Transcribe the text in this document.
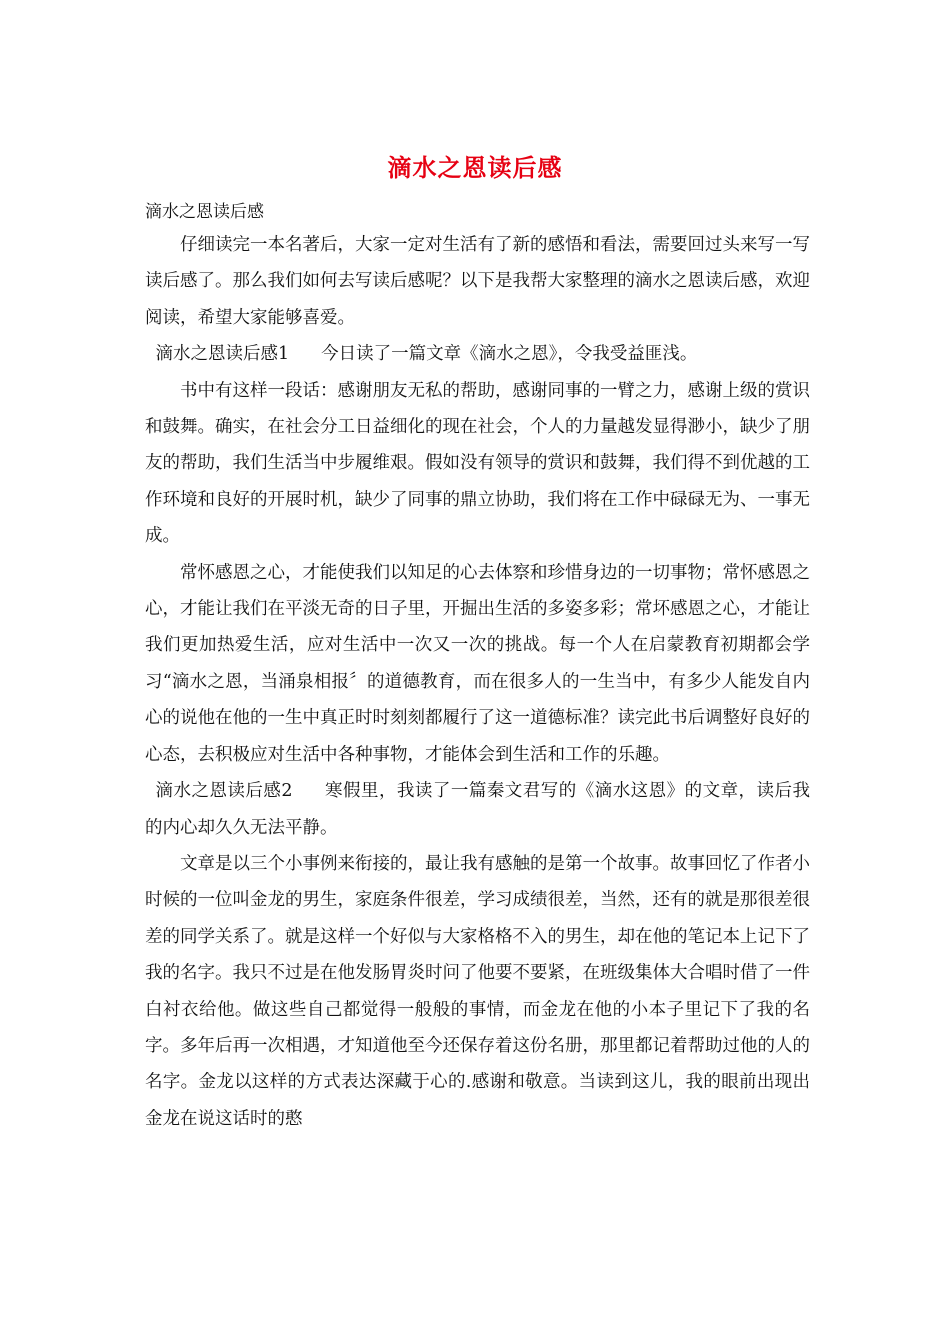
滴水之恩读后感
滴水之恩读后感

仔细读完一本名著后，大家一定对生活有了新的感悟和看法，需要回过头来写一写读后感了。那么我们如何去写读后感呢？以下是我帮大家整理的滴水之恩读后感，欢迎阅读，希望大家能够喜爱。

滴水之恩读后感1 今日读了一篇文章《滴水之恩》，令我受益匪浅。

书中有这样一段话：感谢朋友无私的帮助，感谢同事的一臂之力，感谢上级的赏识和鼓舞。确实，在社会分工日益细化的现在社会，个人的力量越发显得渺小，缺少了朋友的帮助，我们生活当中步履维艰。假如没有领导的赏识和鼓舞，我们得不到优越的工作环境和良好的开展时机，缺少了同事的鼎立协助，我们将在工作中碌碌无为、一事无成。

常怀感恩之心，才能使我们以知足的心去体察和珍惜身边的一切事物；常怀感恩之心，才能让我们在平淡无奇的日子里，开掘出生活的多姿多彩；常坏感恩之心，才能让我们更加热爱生活，应对生活中一次又一次的挑战。每一个人在启蒙教育初期都会学习“滴水之恩，当涌泉相报〞的道德教育，而在很多人的一生当中，有多少人能发自内心的说他在他的一生中真正时时刻刻都履行了这一道德标准？读完此书后调整好良好的心态，去积极应对生活中各种事物，才能体会到生活和工作的乐趣。

滴水之恩读后感2 寒假里，我读了一篇秦文君写的《滴水这恩》的文章，读后我的内心却久久无法平静。

文章是以三个小事例来衔接的，最让我有感触的是第一个故事。故事回忆了作者小时候的一位叫金龙的男生，家庭条件很差，学习成绩很差，当然，还有的就是那很差很差的同学关系了。就是这样一个好似与大家格格不入的男生，却在他的笔记本上记下了我的名字。我只不过是在他发肠胃炎时问了他要不要紧，在班级集体大合唱时借了一件白衬衣给他。做这些自己都觉得一般般的事情，而金龙在他的小本子里记下了我的名字。多年后再一次相遇，才知道他至今还保存着这份名册，那里都记着帮助过他的人的名字。金龙以这样的方式表达深藏于心的.感谢和敬意。当读到这儿，我的眼前出现出金龙在说这话时的憨
